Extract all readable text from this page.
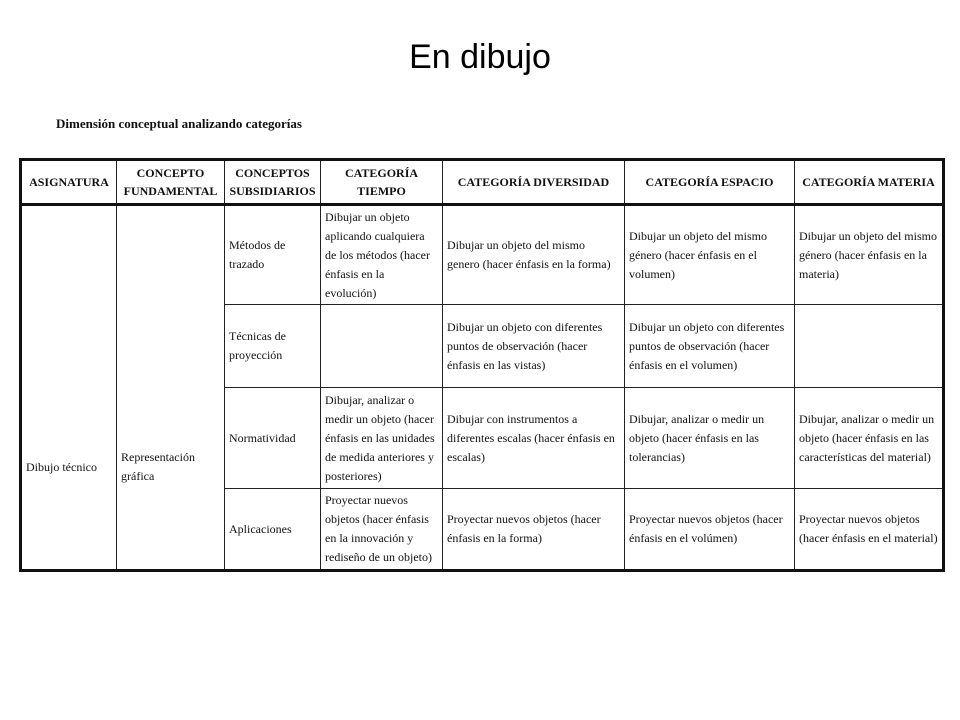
En dibujo
Dimensión conceptual analizando categorías
ASIGNATURA	CONCEPTO FUNDAMENTAL	CONCEPTOS SUBSIDIARIOS	CATEGORÍA TIEMPO	CATEGORÍA DIVERSIDAD	CATEGORÍA ESPACIO	CATEGORÍA MATERIA
Dibujo técnico	Representación gráfica	Métodos de trazado	Dibujar un objeto aplicando cualquiera de los métodos (hacer énfasis en la evolución)	Dibujar un objeto del mismo genero (hacer énfasis en la forma)	Dibujar un objeto del mismo género (hacer énfasis en el volumen)	Dibujar un objeto del mismo género (hacer énfasis en la materia)
		Técnicas de proyección		Dibujar un objeto con diferentes puntos de observación (hacer énfasis en las vistas)	Dibujar un objeto con diferentes puntos de observación (hacer énfasis en el volumen)	
		Normatividad	Dibujar, analizar o medir un objeto (hacer énfasis en las unidades de medida anteriores y posteriores)	Dibujar con instrumentos a diferentes escalas (hacer énfasis en escalas)	Dibujar, analizar o medir un objeto (hacer énfasis en las tolerancias)	Dibujar, analizar o medir un objeto (hacer énfasis en las características del material)
		Aplicaciones	Proyectar nuevos objetos (hacer énfasis en la innovación y rediseño de un objeto)	Proyectar nuevos objetos (hacer énfasis en la forma)	Proyectar nuevos objetos (hacer énfasis en el volúmen)	Proyectar nuevos objetos (hacer énfasis en el material)
